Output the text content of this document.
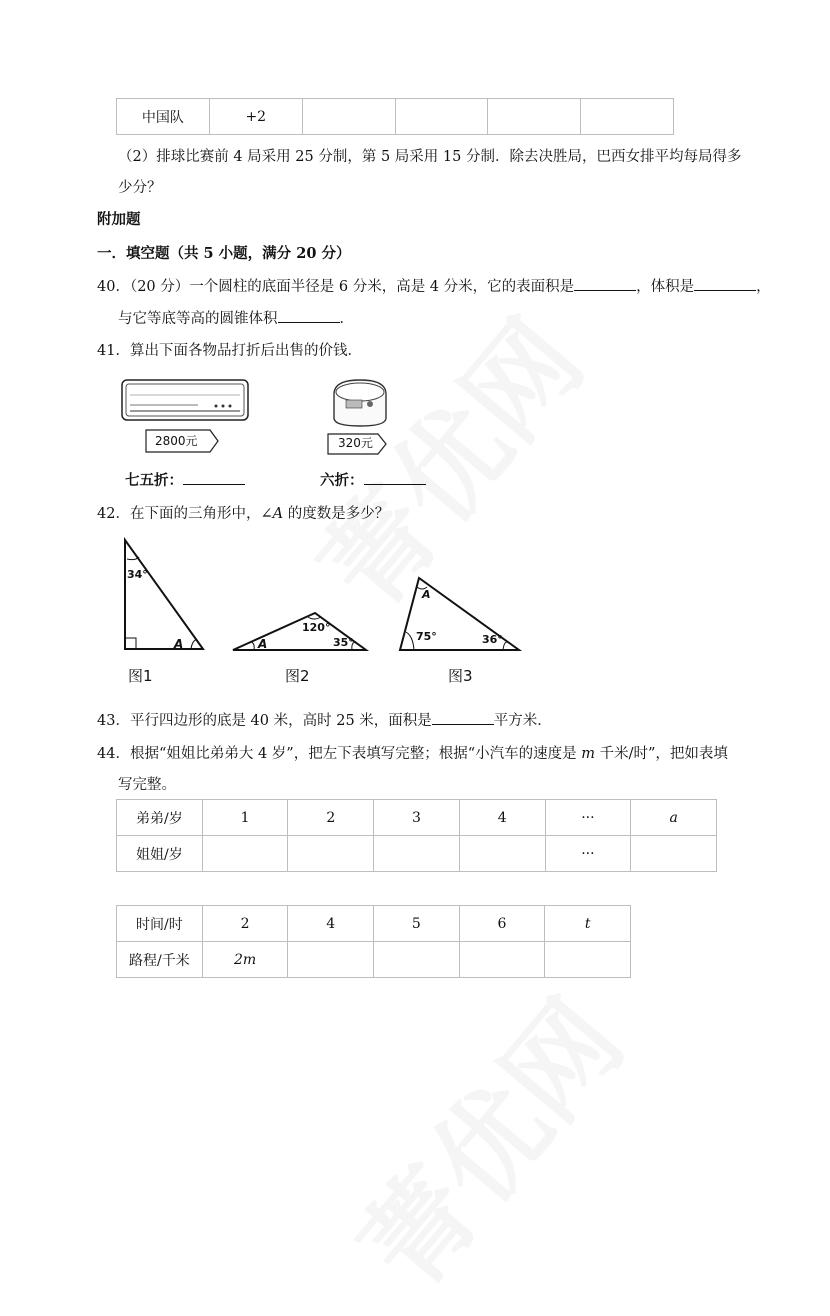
中国队	+2				
（2）排球比赛前 4 局采用 25 分制，第 5 局采用 15 分制．除去决胜局，巴西女排平均每局得多
少分？
附加题
一．填空题（共 5 小题，满分 20 分）
40．（20 分）一个圆柱的底面半径是 6 分米，高是 4 分米，它的表面积是	，体积是	，
与它等底等高的圆锥体积	．
41．算出下面各物品打折后出售的价钱．
2800元	320元
七五折：	六折：
42．在下面的三角形中，∠A 的度数是多少？
34°
A
图1
120°
35°
A
图2
A
75°	36°
图3
43．平行四边形的底是 40 米，高时 25 米，面积是	平方米．
44．根据“姐姐比弟弟大 4 岁”，把左下表填写完整；根据“小汽车的速度是 m 千米/时”，把如表填
写完整。
弟弟/岁	1	2	3	4	···	a
姐姐/岁					···	
时间/时	2	4	5	6	t
路程/千米	2m				
